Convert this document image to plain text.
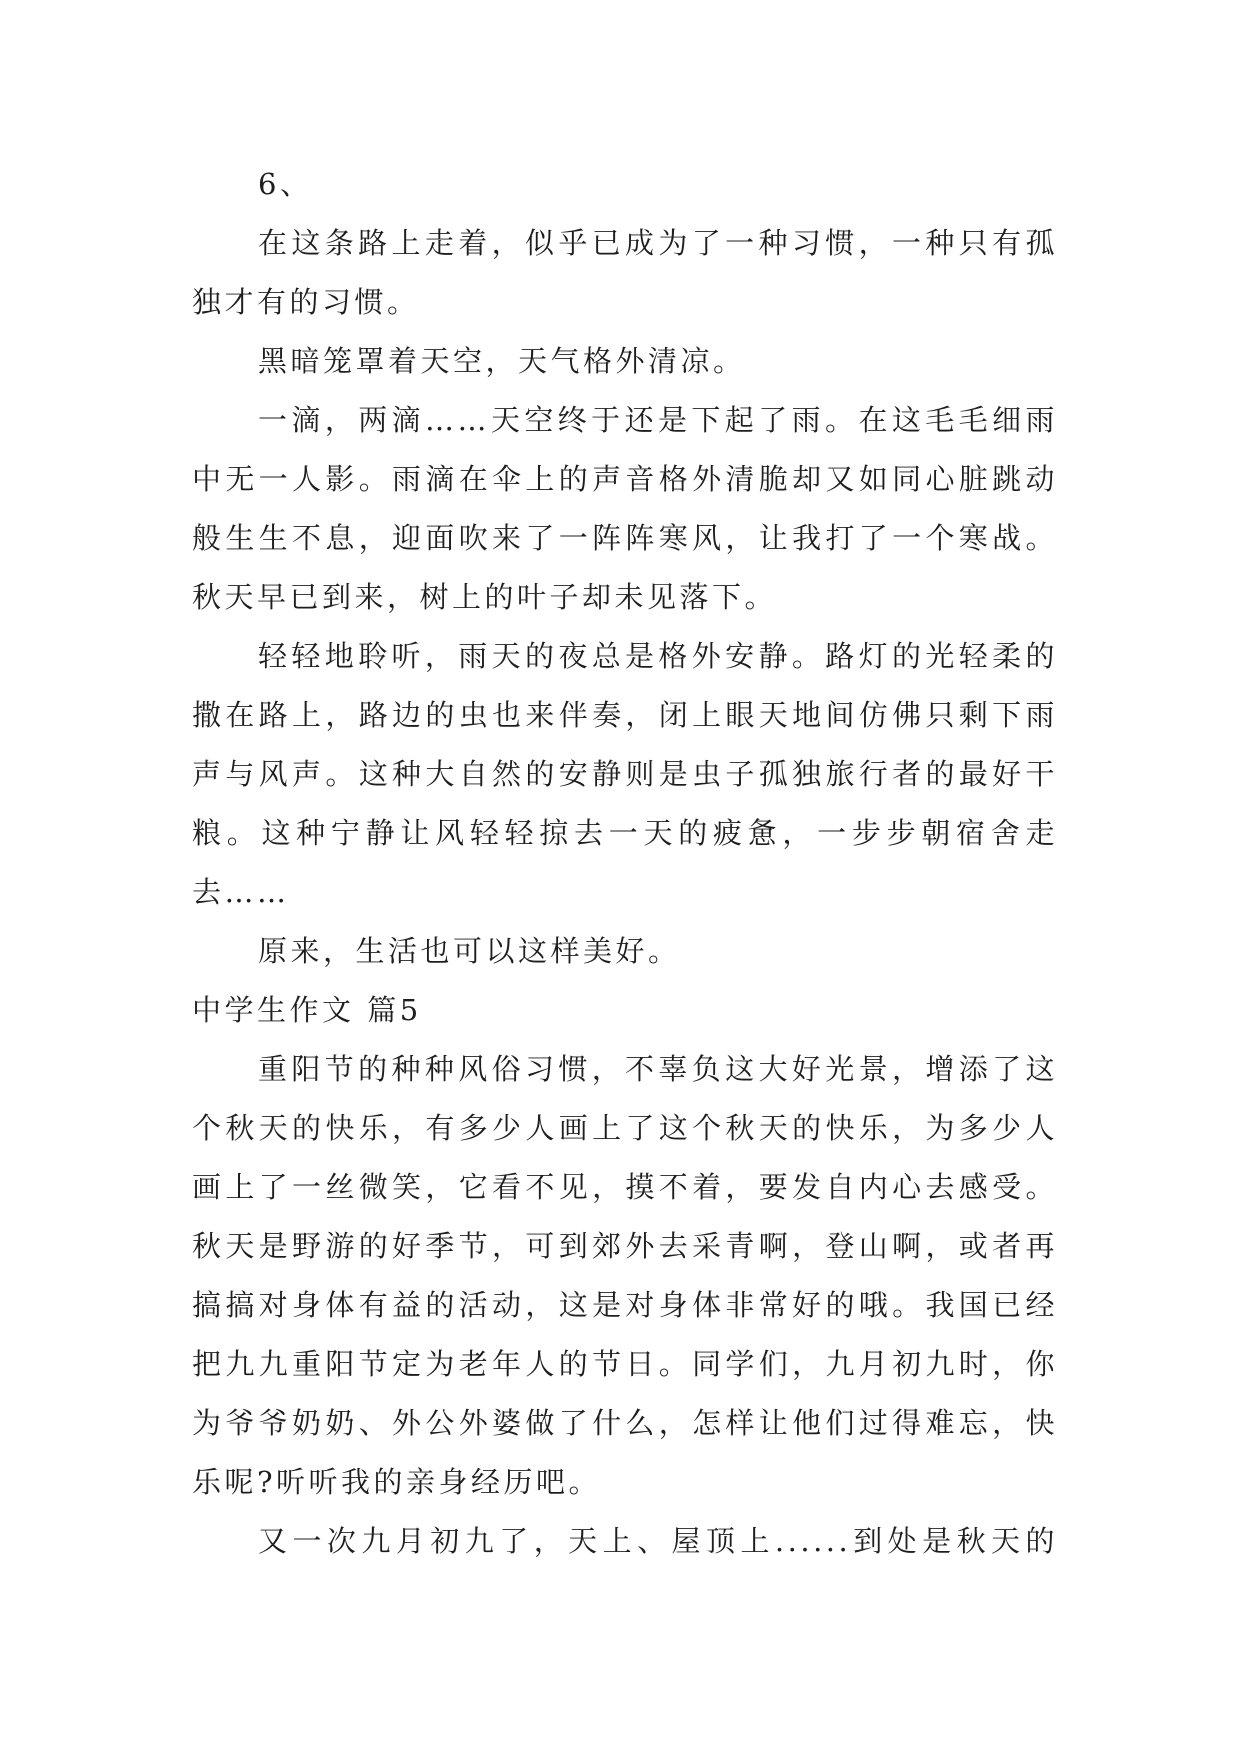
6、
在这条路上走着，似乎已成为了一种习惯，一种只有孤
独才有的习惯。
黑暗笼罩着天空，天气格外清凉。
一滴，两滴……天空终于还是下起了雨。在这毛毛细雨
中无一人影。雨滴在伞上的声音格外清脆却又如同心脏跳动
般生生不息，迎面吹来了一阵阵寒风，让我打了一个寒战。
秋天早已到来，树上的叶子却未见落下。
轻轻地聆听，雨天的夜总是格外安静。路灯的光轻柔的
撒在路上，路边的虫也来伴奏，闭上眼天地间仿佛只剩下雨
声与风声。这种大自然的安静则是虫子孤独旅行者的最好干
粮。这种宁静让风轻轻掠去一天的疲惫，一步步朝宿舍走
去……
原来，生活也可以这样美好。
中学生作文 篇5
重阳节的种种风俗习惯，不辜负这大好光景，增添了这
个秋天的快乐，有多少人画上了这个秋天的快乐，为多少人
画上了一丝微笑，它看不见，摸不着，要发自内心去感受。
秋天是野游的好季节，可到郊外去采青啊，登山啊，或者再
搞搞对身体有益的活动，这是对身体非常好的哦。我国已经
把九九重阳节定为老年人的节日。同学们，九月初九时，你
为爷爷奶奶、外公外婆做了什么，怎样让他们过得难忘，快
乐呢?听听我的亲身经历吧。
又一次九月初九了，天上、屋顶上......到处是秋天的
